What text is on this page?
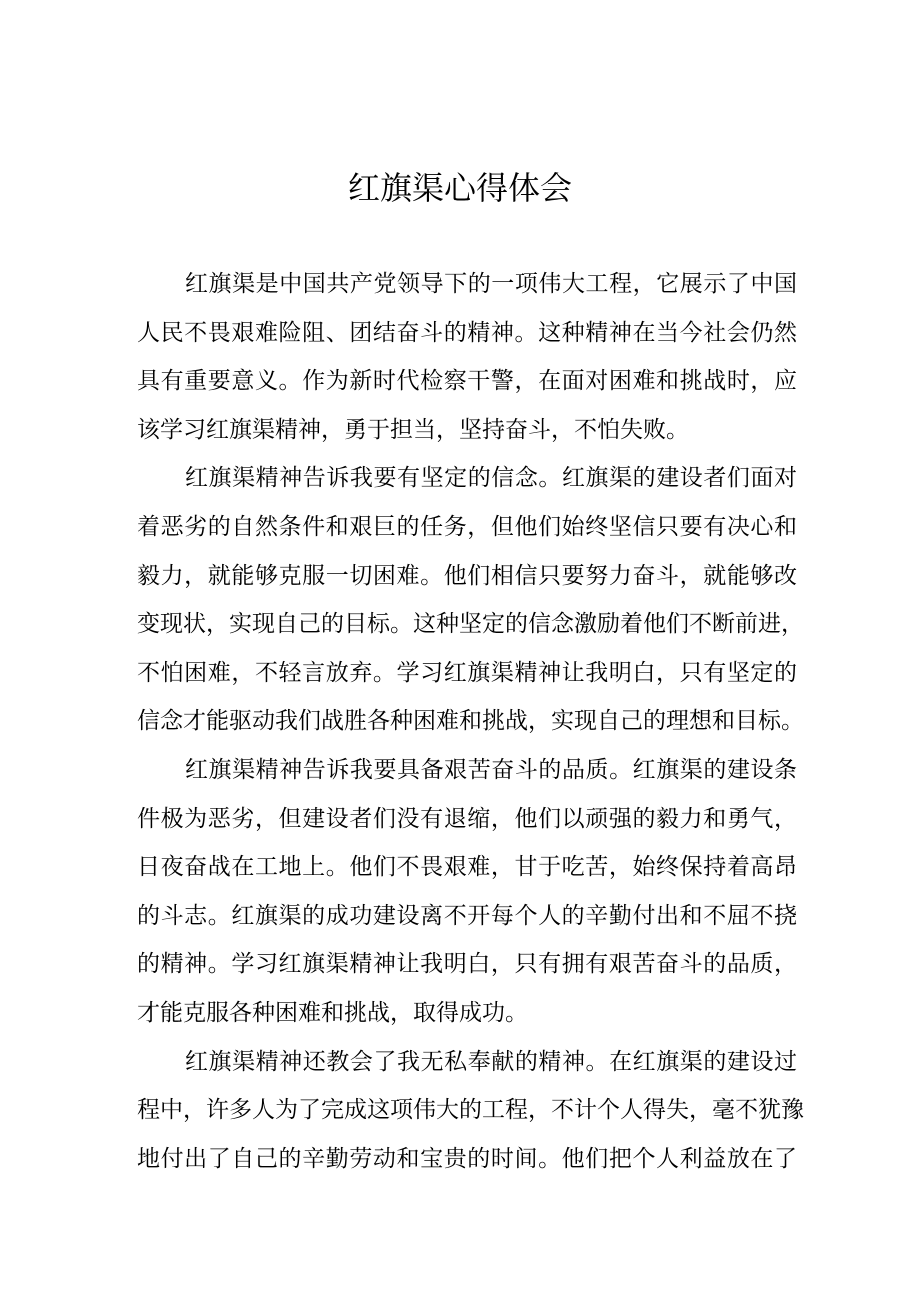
红旗渠心得体会
红旗渠是中国共产党领导下的一项伟大工程，它展示了中国
人民不畏艰难险阻、团结奋斗的精神。这种精神在当今社会仍然
具有重要意义。作为新时代检察干警，在面对困难和挑战时，应
该学习红旗渠精神，勇于担当，坚持奋斗，不怕失败。
红旗渠精神告诉我要有坚定的信念。红旗渠的建设者们面对
着恶劣的自然条件和艰巨的任务，但他们始终坚信只要有决心和
毅力，就能够克服一切困难。他们相信只要努力奋斗，就能够改
变现状，实现自己的目标。这种坚定的信念激励着他们不断前进，
不怕困难，不轻言放弃。学习红旗渠精神让我明白，只有坚定的
信念才能驱动我们战胜各种困难和挑战，实现自己的理想和目标。
红旗渠精神告诉我要具备艰苦奋斗的品质。红旗渠的建设条
件极为恶劣，但建设者们没有退缩，他们以顽强的毅力和勇气，
日夜奋战在工地上。他们不畏艰难，甘于吃苦，始终保持着高昂
的斗志。红旗渠的成功建设离不开每个人的辛勤付出和不屈不挠
的精神。学习红旗渠精神让我明白，只有拥有艰苦奋斗的品质，
才能克服各种困难和挑战，取得成功。
红旗渠精神还教会了我无私奉献的精神。在红旗渠的建设过
程中，许多人为了完成这项伟大的工程，不计个人得失，毫不犹豫
地付出了自己的辛勤劳动和宝贵的时间。他们把个人利益放在了
